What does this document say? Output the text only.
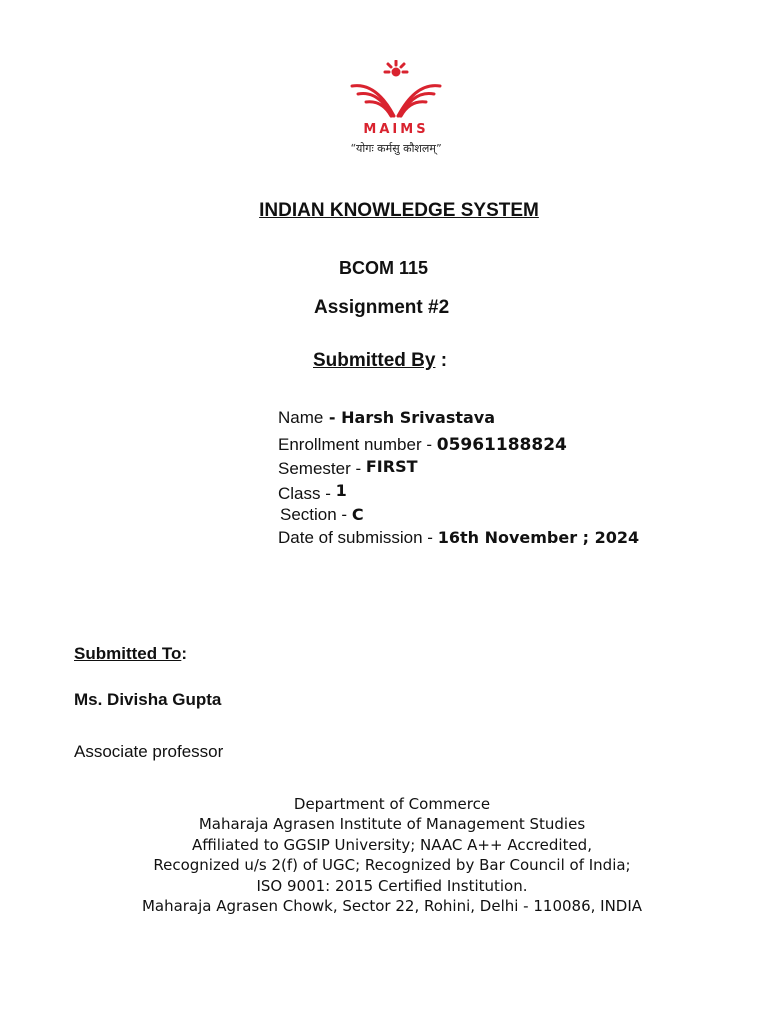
MAIMS
“योगः कर्मसु कौशलम्”
INDIAN KNOWLEDGE SYSTEM
BCOM 115
Assignment #2
Submitted By :
Name - Harsh Srivastava
Enrollment number - 05961188824
Semester - FIRST
Class - 1
Section - C
Date of submission - 16th November ; 2024
Submitted To:
Ms. Divisha Gupta
Associate professor
Department of Commerce
Maharaja Agrasen Institute of Management Studies
Affiliated to GGSIP University; NAAC A++ Accredited,
Recognized u/s 2(f) of UGC; Recognized by Bar Council of India;
ISO 9001: 2015 Certified Institution.
Maharaja Agrasen Chowk, Sector 22, Rohini, Delhi - 110086, INDIA
